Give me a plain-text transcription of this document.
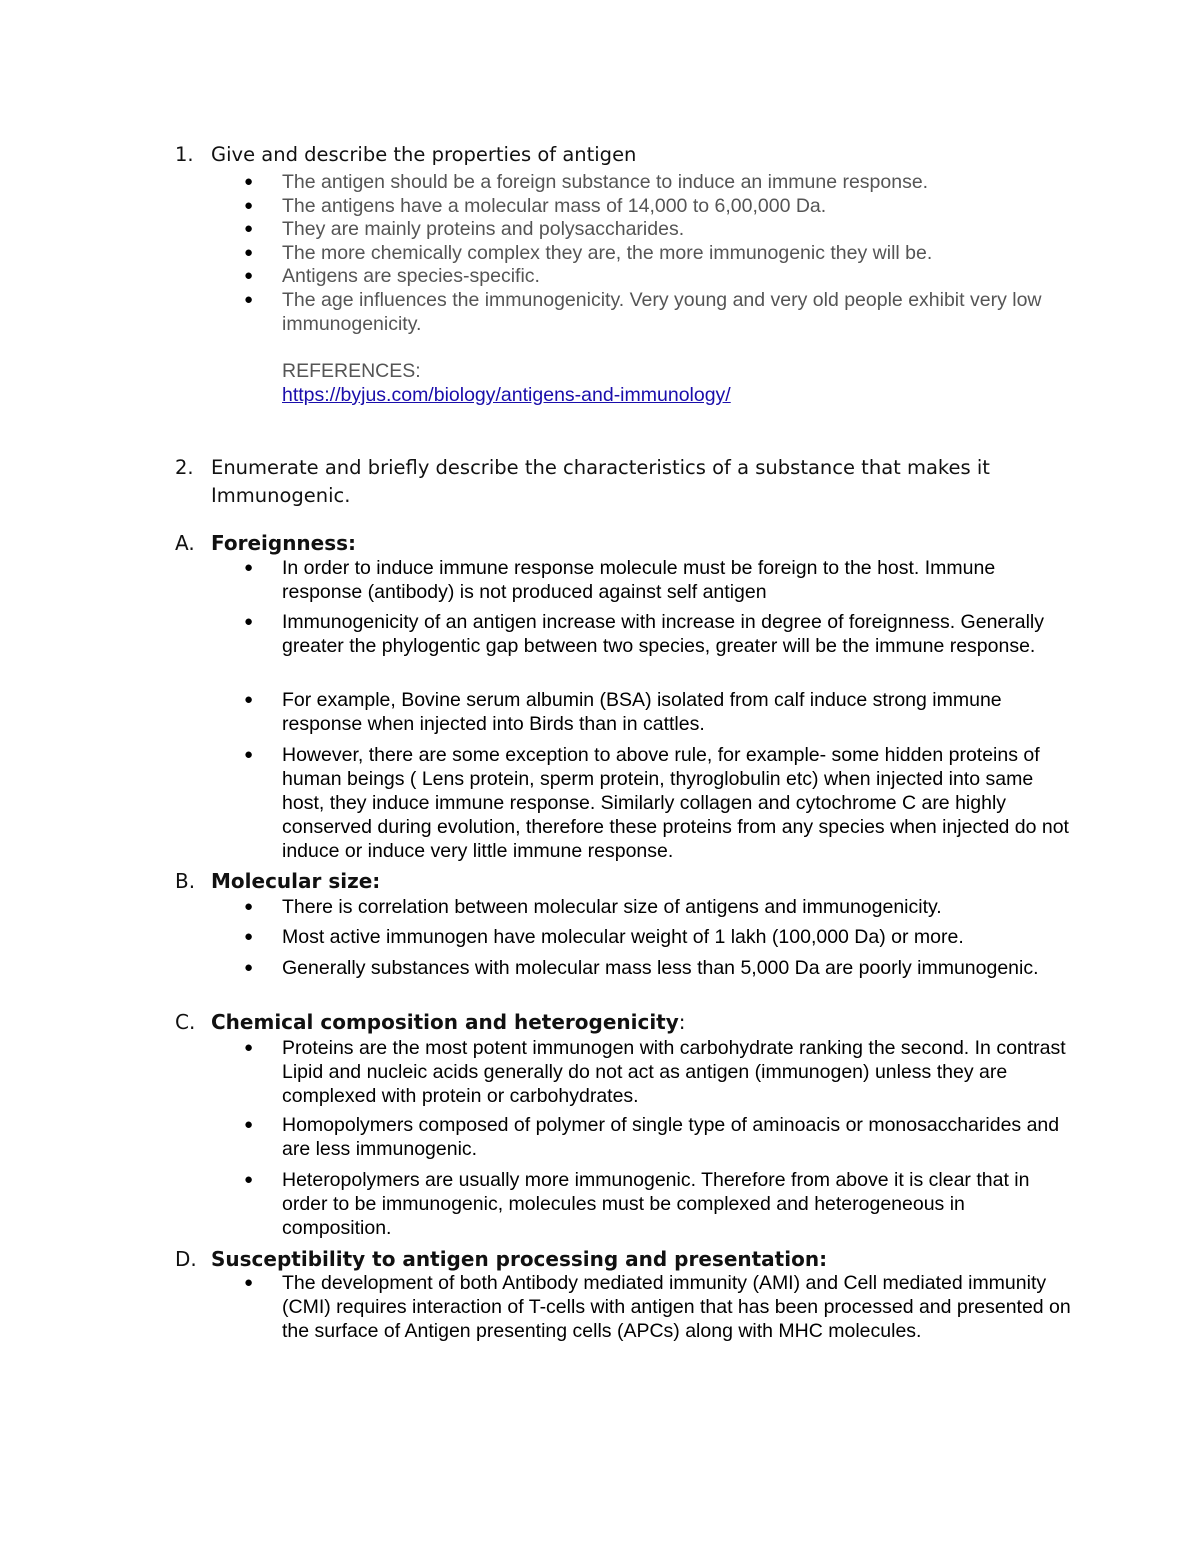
1. Give and describe the properties of antigen
● The antigen should be a foreign substance to induce an immune response.
● The antigens have a molecular mass of 14,000 to 6,00,000 Da.
● They are mainly proteins and polysaccharides.
● The more chemically complex they are, the more immunogenic they will be.
● Antigens are species-specific.
● The age influences the immunogenicity. Very young and very old people exhibit very low immunogenicity.
REFERENCES:
https://byjus.com/biology/antigens-and-immunology/
2. Enumerate and briefly describe the characteristics of a substance that makes it Immunogenic.
A. Foreignness:
● In order to induce immune response molecule must be foreign to the host. Immune response (antibody) is not produced against self antigen
● Immunogenicity of an antigen increase with increase in degree of foreignness. Generally greater the phylogentic gap between two species, greater will be the immune response.
● For example, Bovine serum albumin (BSA) isolated from calf induce strong immune response when injected into Birds than in cattles.
● However, there are some exception to above rule, for example- some hidden proteins of human beings ( Lens protein, sperm protein, thyroglobulin etc) when injected into same host, they induce immune response. Similarly collagen and cytochrome C are highly conserved during evolution, therefore these proteins from any species when injected do not induce or induce very little immune response.
B. Molecular size:
● There is correlation between molecular size of antigens and immunogenicity.
● Most active immunogen have molecular weight of 1 lakh (100,000 Da) or more.
● Generally substances with molecular mass less than 5,000 Da are poorly immunogenic.
C. Chemical composition and heterogenicity:
● Proteins are the most potent immunogen with carbohydrate ranking the second. In contrast Lipid and nucleic acids generally do not act as antigen (immunogen) unless they are complexed with protein or carbohydrates.
● Homopolymers composed of polymer of single type of aminoacis or monosaccharides and are less immunogenic.
● Heteropolymers are usually more immunogenic. Therefore from above it is clear that in order to be immunogenic, molecules must be complexed and heterogeneous in composition.
D. Susceptibility to antigen processing and presentation:
● The development of both Antibody mediated immunity (AMI) and Cell mediated immunity (CMI) requires interaction of T-cells with antigen that has been processed and presented on the surface of Antigen presenting cells (APCs) along with MHC molecules.
